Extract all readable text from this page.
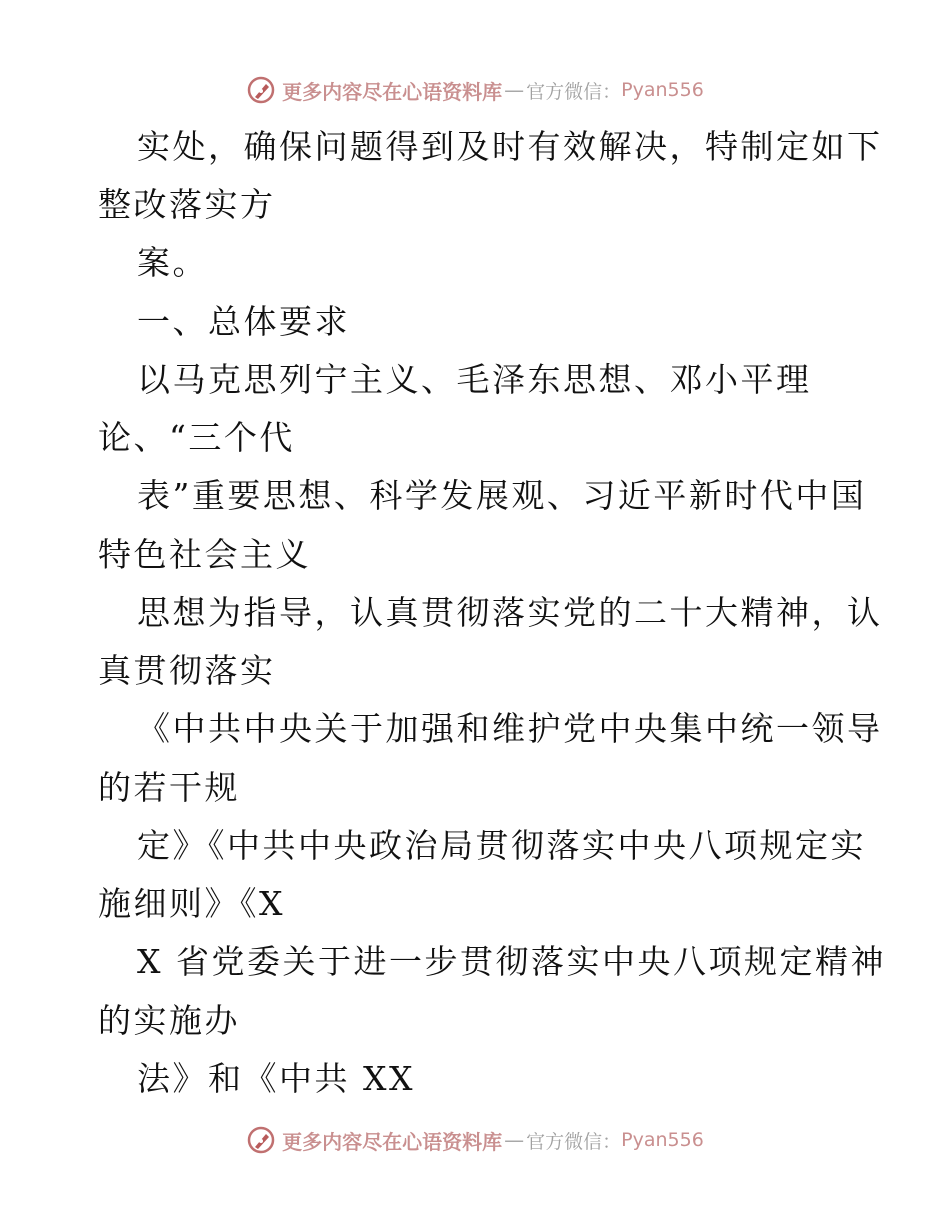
更多内容尽在心语资料库 — 官方微信： Pyan556
实处，确保问题得到及时有效解决，特制定如下
整改落实方
案。
一、总体要求
以马克思列宁主义、毛泽东思想、邓小平理
论、“三个代
表”重要思想、科学发展观、习近平新时代中国
特色社会主义
思想为指导，认真贯彻落实党的二十大精神，认
真贯彻落实
《中共中央关于加强和维护党中央集中统一领导
的若干规
定》《中共中央政治局贯彻落实中央八项规定实
施细则》《X
X 省党委关于进一步贯彻落实中央八项规定精神
的实施办
法》和《中共 XX
更多内容尽在心语资料库 — 官方微信： Pyan556
